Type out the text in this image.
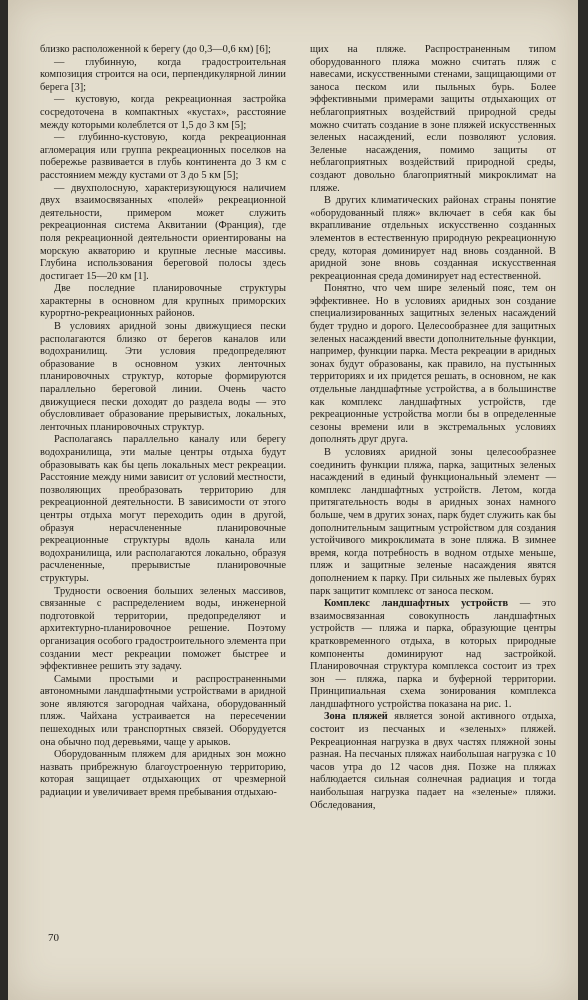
близко расположенной к берегу (до 0,3—0,6 км) [6];

— глубинную, когда градостроительная композиция строится на оси, перпендикулярной линии берега [3];

— кустовую, когда рекреационная застройка сосредоточена в компактных «кустах», расстояние между которыми колеблется от 1,5 до 3 км [5];

— глубинно-кустовую, когда рекреационная агломерация или группа рекреационных поселков на побережье развивается в глубь континента до 3 км с расстоянием между кустами от 3 до 5 км [5];

— двухполосную, характеризующуюся наличием двух взаимосвязанных «полей» рекреационной деятельности, примером может служить рекреационная система Аквитании (Франция), где поля рекреационной деятельности ориентированы на морскую акваторию и крупные лесные массивы. Глубина использования береговой полосы здесь достигает 15—20 км [1].

Две последние планировочные структуры характерны в основном для крупных приморских курортно-рекреационных районов.

В условиях аридной зоны движущиеся пески располагаются близко от берегов каналов или водохранилищ. Эти условия предопределяют образование в основном узких ленточных планировочных структур, которые формируются параллельно береговой линии. Очень часто движущиеся пески доходят до раздела воды — это обусловливает образование прерывистых, локальных, ленточных планировочных структур.

Располагаясь параллельно каналу или берегу водохранилища, эти малые центры отдыха будут образовывать как бы цепь локальных мест рекреации. Расстояние между ними зависит от условий местности, позволяющих преобразовать территорию для рекреационной деятельности. В зависимости от этого центры отдыха могут переходить один в другой, образуя нерасчлененные планировочные рекреационные структуры вдоль канала или водохранилища, или располагаются локально, образуя расчлененные, прерывистые планировочные структуры.

Трудности освоения больших зеленых массивов, связанные с распределением воды, инженерной подготовкой территории, предопределяют и архитектурно-планировочное решение. Поэтому организация особого градостроительного элемента при создании мест рекреации поможет быстрее и эффективнее решить эту задачу.

Самыми простыми и распространенными автономными ландшафтными устройствами в аридной зоне являются загородная чайхана, оборудованный пляж. Чайхана устраивается на пересечении пешеходных или транспортных связей. Оборудуется она обычно под деревьями, чаще у арыков.

Оборудованным пляжем для аридных зон можно назвать прибрежную благоустроенную территорию, которая защищает отдыхающих от чрезмерной радиации и увеличивает время пребывания отдыхаю-

щих на пляже. Распространенным типом оборудованного пляжа можно считать пляж с навесами, искусственными стенами, защищающими от заноса песком или пыльных бурь. Более эффективными примерами защиты отдыхающих от неблагоприятных воздействий природной среды можно считать создание в зоне пляжей искусственных зеленых насаждений, если позволяют условия. Зеленые насаждения, помимо защиты от неблагоприятных воздействий природной среды, создают довольно благоприятный микроклимат на пляже.

В других климатических районах страны понятие «оборудованный пляж» включает в себя как бы вкрапливание отдельных искусственно созданных элементов в естественную природную рекреационную среду, которая доминирует над вновь созданной. В аридной зоне вновь созданная искусственная рекреационная среда доминирует над естественной.

Понятно, что чем шире зеленый пояс, тем он эффективнее. Но в условиях аридных зон создание специализированных защитных зеленых насаждений будет трудно и дорого. Целесообразнее для защитных зеленых насаждений ввести дополнительные функции, например, функции парка. Места рекреации в аридных зонах будут образованы, как правило, на пустынных территориях и их придется решать, в основном, не как отдельные ландшафтные устройства, а в большинстве как комплекс ландшафтных устройств, где рекреационные устройства могли бы в определенные сезоны времени или в экстремальных условиях дополнять друг друга.

В условиях аридной зоны целесообразнее соединить функции пляжа, парка, защитных зеленых насаждений в единый функциональный элемент — комплекс ландшафтных устройств. Летом, когда притягательность воды в аридных зонах намного больше, чем в других зонах, парк будет служить как бы дополнительным защитным устройством для создания устойчивого микроклимата в зоне пляжа. В зимнее время, когда потребность в водном отдыхе меньше, пляж и защитные зеленые насаждения явятся дополнением к парку. При сильных же пылевых бурях парк защитит комплекс от заноса песком.

Комплекс ландшафтных устройств — это взаимосвязанная совокупность ландшафтных устройств — пляжа и парка, образующие центры кратковременного отдыха, в которых природные компоненты доминируют над застройкой. Планировочная структура комплекса состоит из трех зон — пляжа, парка и буферной территории. Принципиальная схема зонирования комплекса ландшафтного устройства показана на рис. 1.

Зона пляжей является зоной активного отдыха, состоит из песчаных и «зеленых» пляжей. Рекреационная нагрузка в двух частях пляжной зоны разная. На песчаных пляжах наибольшая нагрузка с 10 часов утра до 12 часов дня. Позже на пляжах наблюдается сильная солнечная радиация и тогда наибольшая нагрузка падает на «зеленые» пляжи. Обследования,

70
